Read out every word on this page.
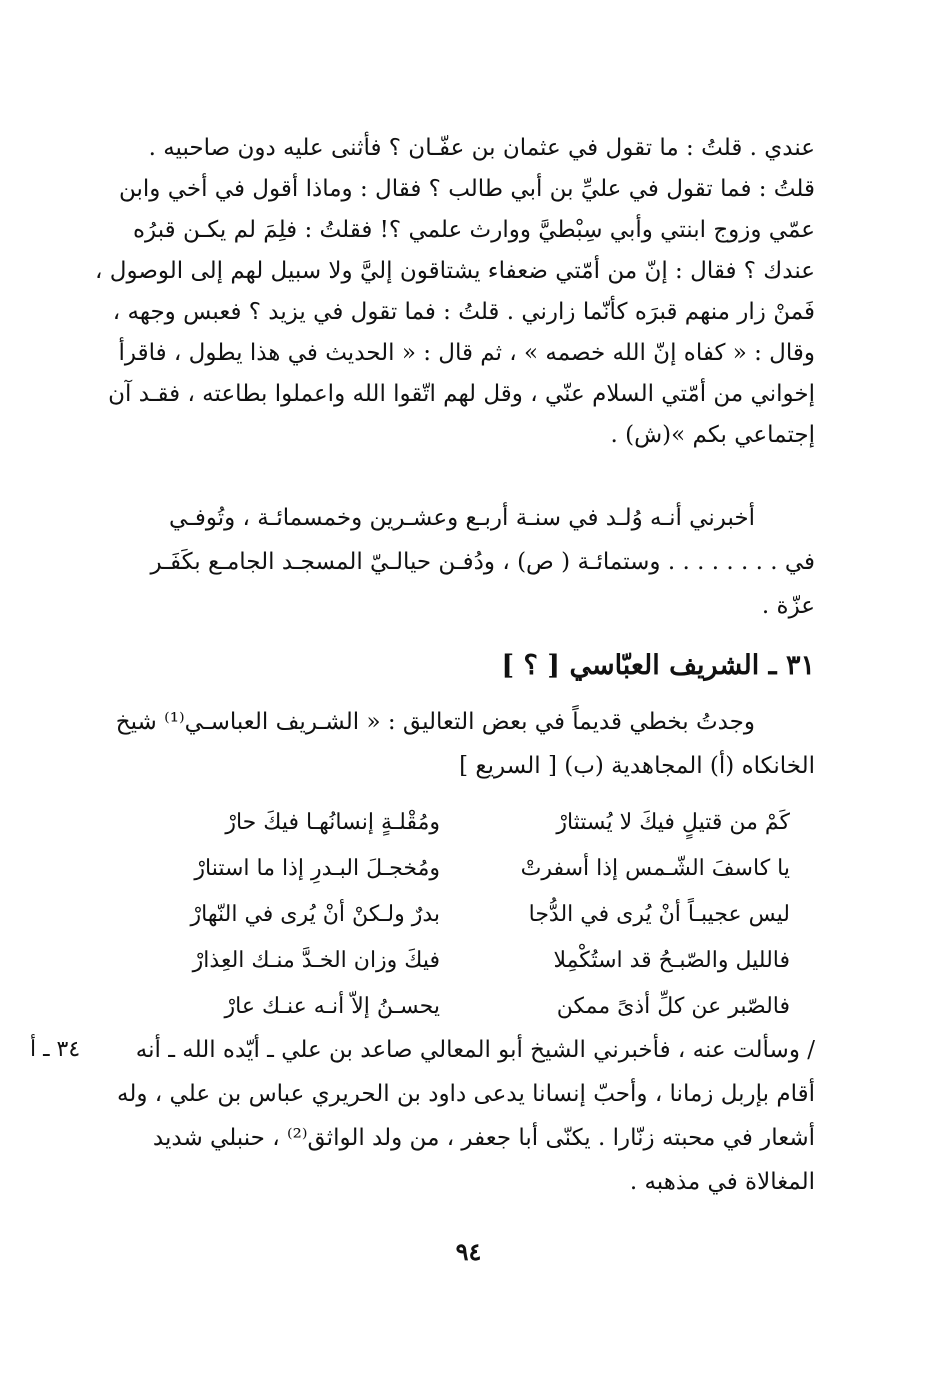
عندي . قلتُ : ما تقول في عثمان بن عفّـان ؟ فأثنى عليه دون صاحبيه .
قلتُ : فما تقول في عليِّ بن أبي طالب ؟ فقال : وماذا أقول في أخي وابن
عمّي وزوج ابنتي وأبي سِبْطيَّ ووارث علمي ؟! فقلتُ : فلِمَ لم يكـن قبرُه
عندك ؟ فقال : إنّ من أمّتي ضعفاء يشتاقون إليَّ ولا سبيل لهم إلى الوصول ،
فَمنْ زار منهم قبرَه كأنّما زارني . قلتُ : فما تقول في يزيد ؟ فعبس وجهه ،
وقال : « كفاه إنّ الله خصمه » ، ثم قال : « الحديث في هذا يطول ، فاقرأ
إخواني من أمّتي السلام عنّي ، وقل لهم اتّقوا الله واعملوا بطاعته ، فقـد آن
إجتماعي بكم »(ش) .
أخبرني أنـه وُلـد في سنـة أربـع وعشـرين وخمسمائـة ، وتُوفـي
في . . . . . . . . وستمائـة ( ص) ، ودُفـن حيالـيّ المسجـد الجامـع بكَفَـر
عزّة .
٣١ ـ الشريف العبّاسي [ ؟ ]
وجدتُ بخطي قديماً في بعض التعاليق : « الشـريف العباسـي⁽¹⁾ شيخ
الخانكاه (أ) المجاهدية (ب) [ السريع ]
كَمْ من قتيلٍ فيكَ لا يُستثارْ
ومُقْلـةٍ إنسانُهـا فيكَ حارْ
يا كاسفَ الشّـمس إذا أسفرتْ
ومُخجـلَ البـدرِ إذا ما استنارْ
ليس عجيبـاً أنْ يُرى في الدُّجا
بدرٌ ولـكنْ أنْ يُرى في النّهارْ
فالليل والصّبـحُ قد استُكْمِلا
فيكَ وزان الخـدَّ منـك العِذارْ
فالصّبر عن كلِّ أذىً ممكن
يحسـنُ إلاّ أنـه عنـك عارْ
٣٤ ـ أ	/ وسألت عنه ، فأخبرني الشيخ أبو المعالي صاعد بن علي ـ أيّده الله ـ أنه
أقام بإربل زمانا ، وأحبّ إنسانا يدعى داود بن الحريري عباس بن علي ، وله
أشعار في محبته زنّارا . يكنّى أبا جعفر ، من ولد الواثق⁽²⁾ ، حنبلي شديد
المغالاة في مذهبه .
٩٤
